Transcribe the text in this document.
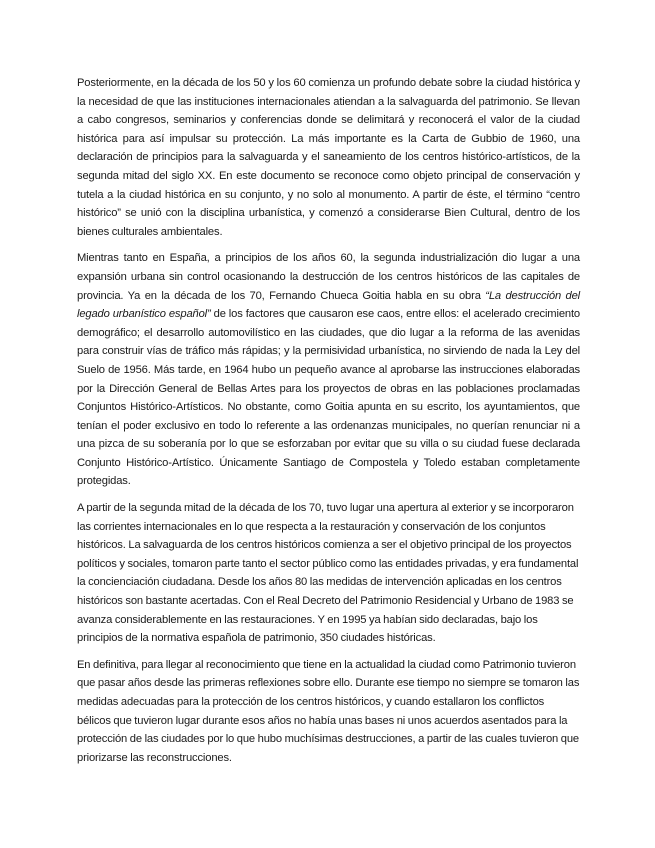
Posteriormente, en la década de los 50 y los 60 comienza un profundo debate sobre la ciudad histórica y la necesidad de que las instituciones internacionales atiendan a la salvaguarda del patrimonio. Se llevan a cabo congresos, seminarios y conferencias donde se delimitará y reconocerá el valor de la ciudad histórica para así impulsar su protección. La más importante es la Carta de Gubbio de 1960, una declaración de principios para la salvaguarda y el saneamiento de los centros histórico-artísticos, de la segunda mitad del siglo XX. En este documento se reconoce como objeto principal de conservación y tutela a la ciudad histórica en su conjunto, y no solo al monumento. A partir de éste, el término “centro histórico” se unió con la disciplina urbanística, y comenzó a considerarse Bien Cultural, dentro de los bienes culturales ambientales.

Mientras tanto en España, a principios de los años 60, la segunda industrialización dio lugar a una expansión urbana sin control ocasionando la destrucción de los centros históricos de las capitales de provincia. Ya en la década de los 70, Fernando Chueca Goitia habla en su obra “La destrucción del legado urbanístico español” de los factores que causaron ese caos, entre ellos: el acelerado crecimiento demográfico; el desarrollo automovilístico en las ciudades, que dio lugar a la reforma de las avenidas para construir vías de tráfico más rápidas; y la permisividad urbanística, no sirviendo de nada la Ley del Suelo de 1956. Más tarde, en 1964 hubo un pequeño avance al aprobarse las instrucciones elaboradas por la Dirección General de Bellas Artes para los proyectos de obras en las poblaciones proclamadas Conjuntos Histórico-Artísticos. No obstante, como Goitia apunta en su escrito, los ayuntamientos, que tenían el poder exclusivo en todo lo referente a las ordenanzas municipales, no querían renunciar ni a una pizca de su soberanía por lo que se esforzaban por evitar que su villa o su ciudad fuese declarada Conjunto Histórico-Artístico. Únicamente Santiago de Compostela y Toledo estaban completamente protegidas.

A partir de la segunda mitad de la década de los 70, tuvo lugar una apertura al exterior y se incorporaron las corrientes internacionales en lo que respecta a la restauración y conservación de los conjuntos históricos. La salvaguarda de los centros históricos comienza a ser el objetivo principal de los proyectos políticos y sociales, tomaron parte tanto el sector público como las entidades privadas, y era fundamental la concienciación ciudadana. Desde los años 80 las medidas de intervención aplicadas en los centros históricos son bastante acertadas. Con el Real Decreto del Patrimonio Residencial y Urbano de 1983 se avanza considerablemente en las restauraciones. Y en 1995 ya habían sido declaradas, bajo los principios de la normativa española de patrimonio, 350 ciudades históricas.

En definitiva, para llegar al reconocimiento que tiene en la actualidad la ciudad como Patrimonio tuvieron que pasar años desde las primeras reflexiones sobre ello. Durante ese tiempo no siempre se tomaron las medidas adecuadas para la protección de los centros históricos, y cuando estallaron los conflictos bélicos que tuvieron lugar durante esos años no había unas bases ni unos acuerdos asentados para la protección de las ciudades por lo que hubo muchísimas destrucciones, a partir de las cuales tuvieron que priorizarse las reconstrucciones.
